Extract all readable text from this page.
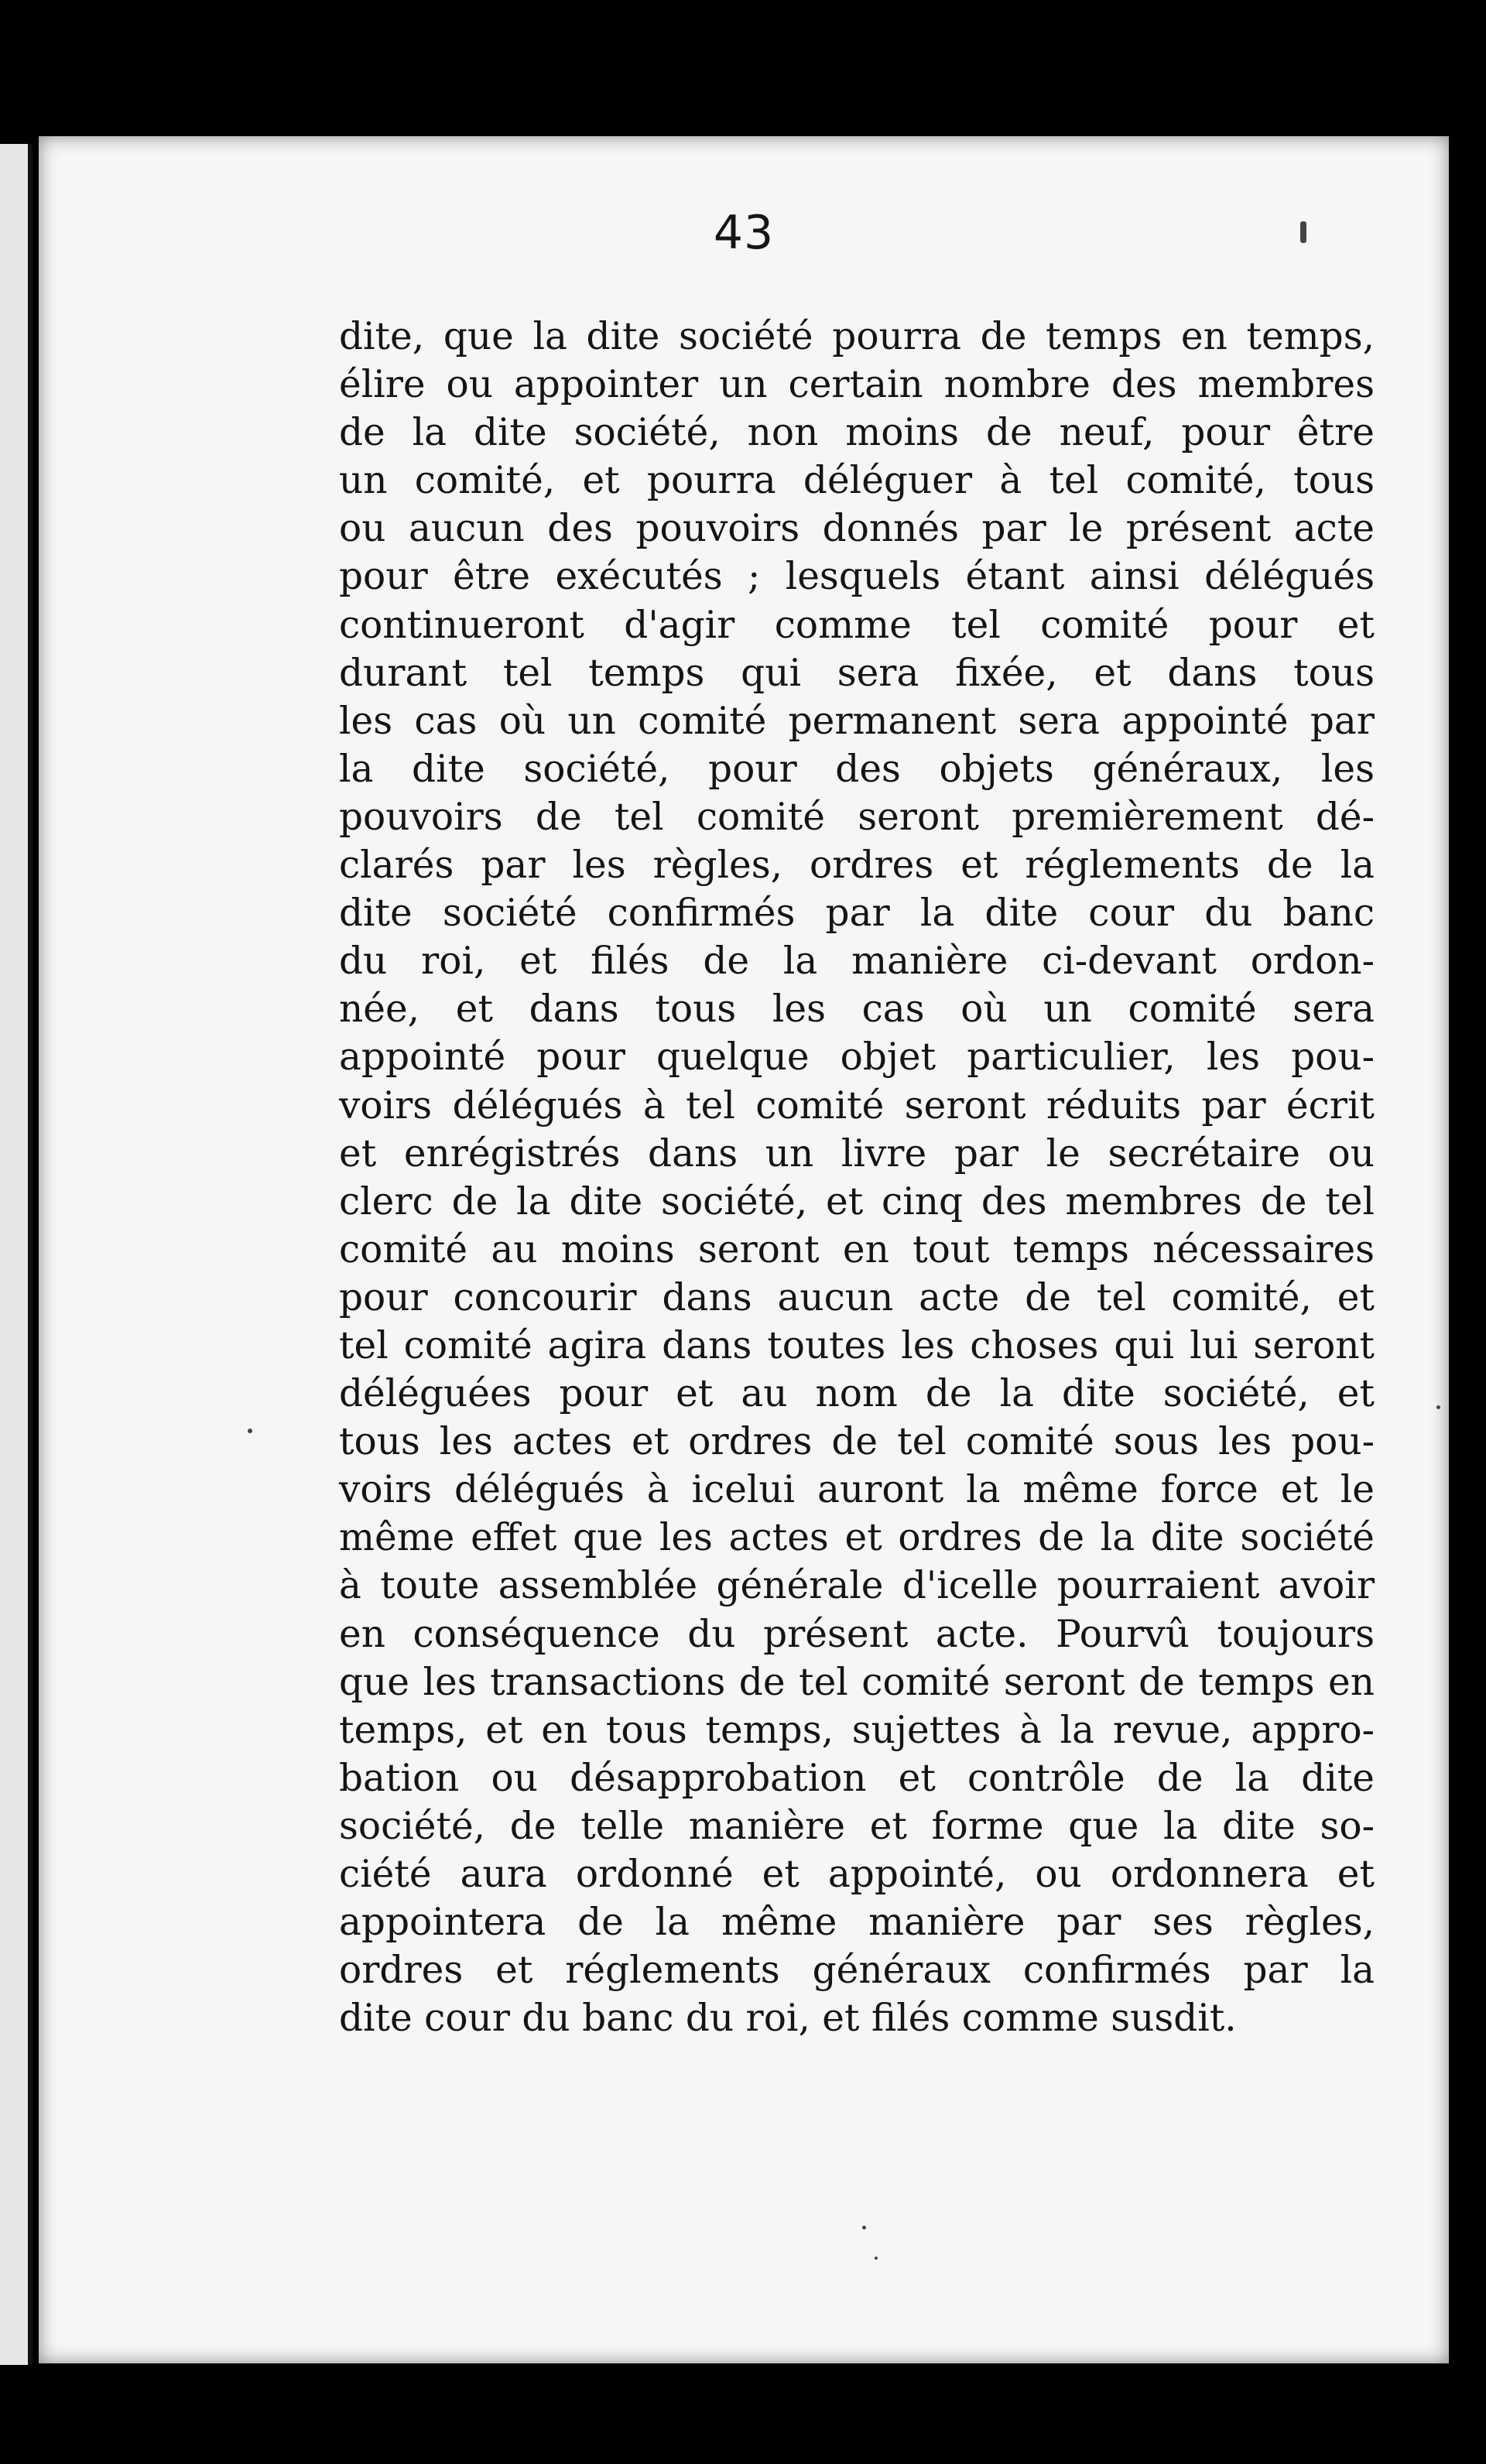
43
dite, que la dite société pourra de temps en temps,
élire ou appointer un certain nombre des membres
de la dite société, non moins de neuf, pour être
un comité, et pourra déléguer à tel comité, tous
ou aucun des pouvoirs donnés par le présent acte
pour être exécutés ; lesquels étant ainsi délégués
continueront d'agir comme tel comité pour et
durant tel temps qui sera fixée, et dans tous
les cas où un comité permanent sera appointé par
la dite société, pour des objets généraux, les
pouvoirs de tel comité seront premièrement dé-
clarés par les règles, ordres et réglements de la
dite société confirmés par la dite cour du banc
du roi, et filés de la manière ci-devant ordon-
née, et dans tous les cas où un comité sera
appointé pour quelque objet particulier, les pou-
voirs délégués à tel comité seront réduits par écrit
et enrégistrés dans un livre par le secrétaire ou
clerc de la dite société, et cinq des membres de tel
comité au moins seront en tout temps nécessaires
pour concourir dans aucun acte de tel comité, et
tel comité agira dans toutes les choses qui lui seront
déléguées pour et au nom de la dite société, et
tous les actes et ordres de tel comité sous les pou-
voirs délégués à icelui auront la même force et le
même effet que les actes et ordres de la dite société
à toute assemblée générale d'icelle pourraient avoir
en conséquence du présent acte. Pourvû toujours
que les transactions de tel comité seront de temps en
temps, et en tous temps, sujettes à la revue, appro-
bation ou désapprobation et contrôle de la dite
société, de telle manière et forme que la dite so-
ciété aura ordonné et appointé, ou ordonnera et
appointera de la même manière par ses règles,
ordres et réglements généraux confirmés par la
dite cour du banc du roi, et filés comme susdit.
